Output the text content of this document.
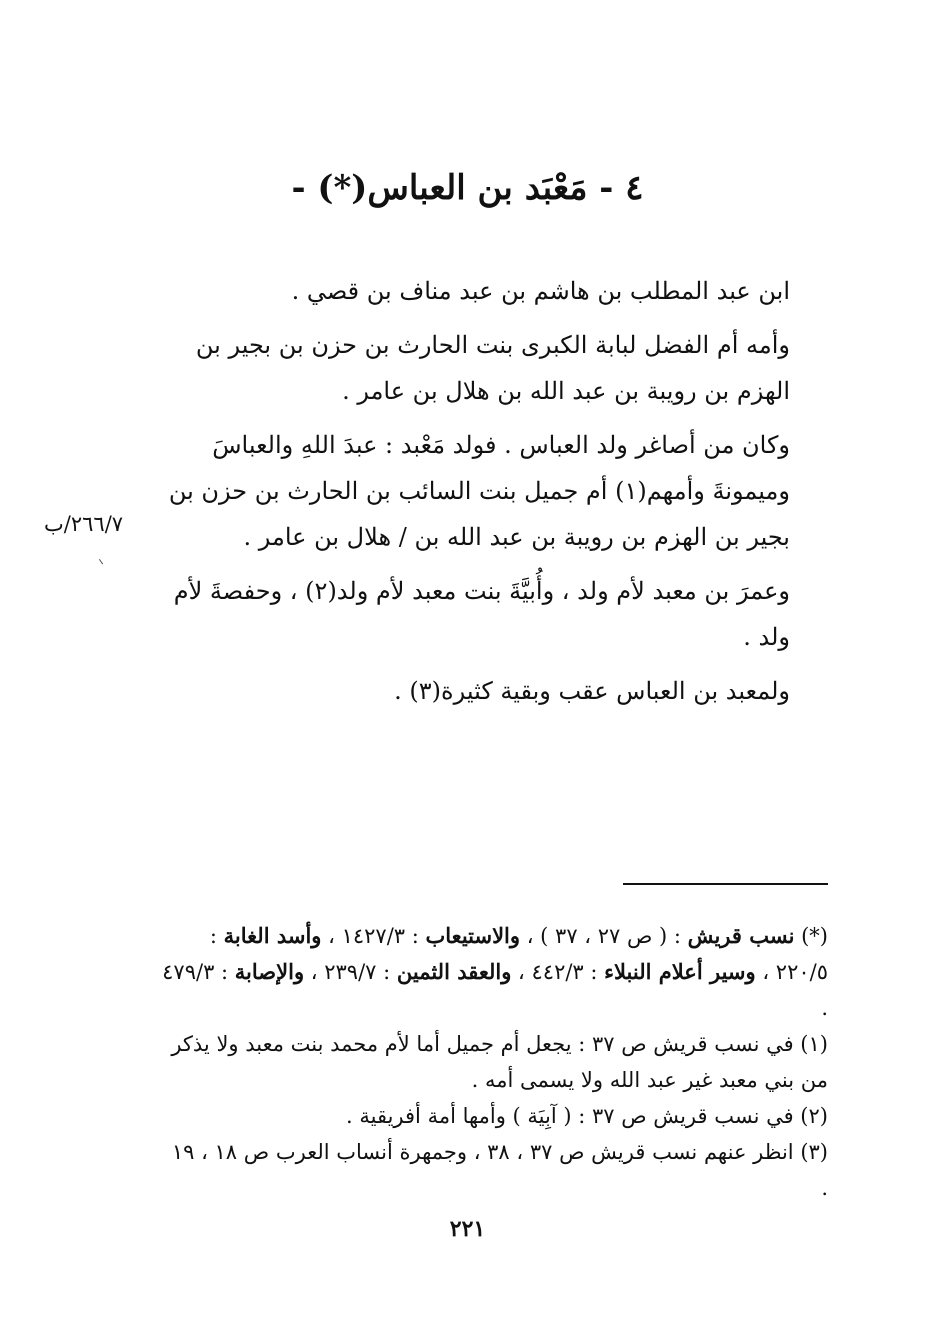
٤ - مَعْبَد بن العباس(*) -
٢٦٦/٧/ب

ابن عبد المطلب بن هاشم بن عبد مناف بن قصي .

وأمه أم الفضل لبابة الكبرى بنت الحارث بن حزن بن بجير بن الهزم بن رويبة بن عبد الله بن هلال بن عامر .

وكان من أصاغر ولد العباس . فولد مَعْبد : عبدَ اللهِ والعباسَ وميمونةَ وأمهم(١) أم جميل بنت السائب بن الحارث بن حزن بن بجير بن الهزم بن رويبة بن عبد الله بن / هلال بن عامر .

وعمرَ بن معبد لأم ولد ، وأُبيَّةَ بنت معبد لأم ولد(٢) ، وحفصةَ لأم ولد .

ولمعبد بن العباس عقب وبقية كثيرة(٣) .

(*) نسب قريش : ( ص ٢٧ ، ٣٧ ) ، والاستيعاب : ١٤٢٧/٣ ، وأسد الغابة : ٢٢٠/٥ ، وسير أعلام النبلاء : ٤٤٢/٣ ، والعقد الثمين : ٢٣٩/٧ ، والإصابة : ٤٧٩/٣ .

(١) في نسب قريش ص ٣٧ : يجعل أم جميل أما لأم محمد بنت معبد ولا يذكر من بني معبد غير عبد الله ولا يسمى أمه .

(٢) في نسب قريش ص ٣٧ : ( آبِيَة ) وأمها أمة أفريقية .

(٣) انظر عنهم نسب قريش ص ٣٧ ، ٣٨ ، وجمهرة أنساب العرب ص ١٨ ، ١٩ .

٢٢١
